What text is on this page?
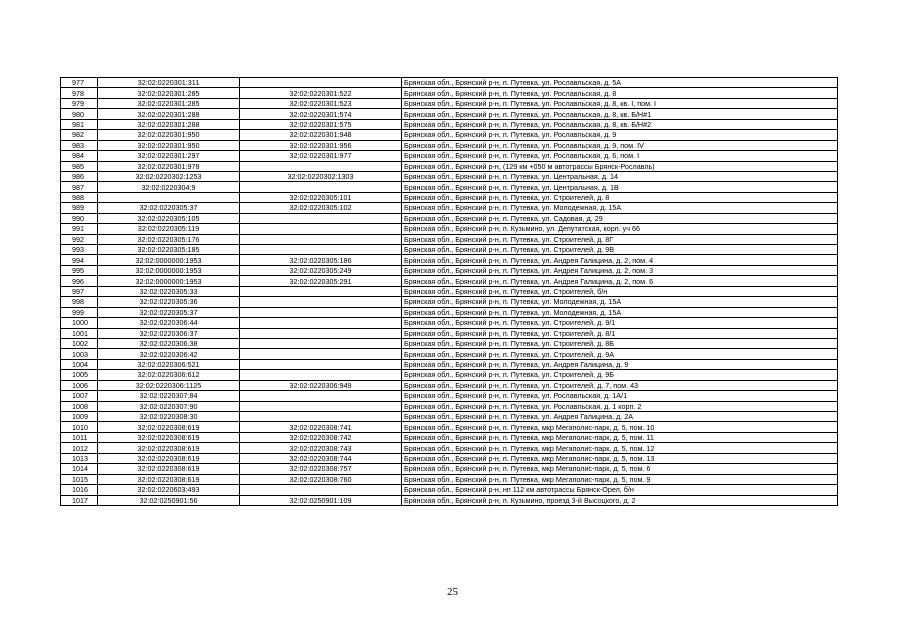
977	32:02:0220301:311		Брянская обл., Брянский р-н, п. Путевка, ул. Рославльская, д. 5А
978	32:02:0220301:285	32:02:0220301:522	Брянская обл., Брянский р-н, п. Путевка, ул. Рославльская, д. 8
979	32:02:0220301:285	32:02:0220301:523	Брянская обл., Брянский р-н, п. Путевка, ул. Рославльская, д. 8, кв. I, пом. I
980	32:02:0220301:288	32:02:0220301:574	Брянская обл., Брянский р-н, п. Путевка, ул. Рославльская, д. 8, кв. Б/Н#1
981	32:02:0220301:288	32:02:0220301:575	Брянская обл., Брянский р-н, п. Путевка, ул. Рославльская, д. 8, кв. Б/Н#2
982	32:02:0220301:950	32:02:0220301:948	Брянская обл., Брянский р-н, п. Путевка, ул. Рославльская, д. 9
983	32:02:0220301:950	32:02:0220301:956	Брянская обл., Брянский р-н, п. Путевка, ул. Рославльская, д. 9, пом. IV
984	32:02:0220301:297	32:02:0220301:977	Брянская обл., Брянский р-н, п. Путевка, ул. Рославльская, д. 6, пом. I
985	32:02:0220301:978		Брянская обл., Брянский р-н, (129 км +050 м автотрассы Брянск-Рославль)
986	32:02:0220302:1253	32:02:0220302:1303	Брянская обл., Брянский р-н, п. Путевка, ул. Центральная, д. 14
987	32:02:0220304:9		Брянская обл., Брянский р-н, п. Путевка, ул. Центральная, д. 1В
988		32:02:0220305:101	Брянская обл., Брянский р-н, п. Путевка, ул. Строителей, д. 8
989	32:02:0220305:37	32:02:0220305:102	Брянская обл., Брянский р-н, п. Путевка, ул. Молодежная, д. 15А
990	32:02:0220305:105		Брянская обл., Брянский р-н, п. Путевка, ул. Садовая, д. 29
991	32:02:0220305:119		Брянская обл., Брянский р-н, п. Кузьмино, ул. Депутатская, корп. уч 66
992	32:02:0220305:176		Брянская обл., Брянский р-н, п. Путевка, ул. Строителей, д. 8Г
993	32:02:0220305:185		Брянская обл., Брянский р-н, п. Путевка, ул. Строителей, д. 9В
994	32:02:0000000:1953	32:02:0220305:186	Брянская обл., Брянский р-н, п. Путевка, ул. Андрея Галицина, д. 2, пом. 4
995	32:02:0000000:1953	32:02:0220305:249	Брянская обл., Брянский р-н, п. Путевка, ул. Андрея Галицина, д. 2, пом. 3
996	32:02:0000000:1953	32:02:0220305:291	Брянская обл., Брянский р-н, п. Путевка, ул. Андрея Галицина, д. 2, пом. 6
997	32:02:0220305:33		Брянская обл., Брянский р-н, п. Путевка, ул. Строителей, б/н
998	32:02:0220305:36		Брянская обл., Брянский р-н, п. Путевка, ул. Молодежная, д. 15А
999	32:02:0220305:37		Брянская обл., Брянский р-н, п. Путевка, ул. Молодежная, д. 15А
1000	32:02:0220306:44		Брянская обл., Брянский р-н, п. Путевка, ул. Строителей, д. 9/1
1001	32:02:0220306:37		Брянская обл., Брянский р-н, п. Путевка, ул. Строителей, д. 8/1
1002	32:02:0220306:38		Брянская обл., Брянский р-н, п. Путевка, ул. Строителей, д. 8Б
1003	32:02:0220306:42		Брянская обл., Брянский р-н, п. Путевка, ул. Строителей, д. 9А
1004	32:02:0220306:521		Брянская обл., Брянский р-н, п. Путевка, ул. Андрея Галицина, д. 9
1005	32:02:0220306:612		Брянская обл., Брянский р-н, п. Путевка, ул. Строителей, д. 9Б
1006	32:02:0220306:1125	32:02:0220306:949	Брянская обл., Брянский р-н, п. Путевка, ул. Строителей, д. 7, пом. 43
1007	32:02:0220307:84		Брянская обл., Брянский р-н, п. Путевка, ул. Рославльская, д. 1А/1
1008	32:02:0220307:90		Брянская обл., Брянский р-н, п. Путевка, ул. Рославльская, д. 1 корп. 2
1009	32:02:0220308:30		Брянская обл., Брянский р-н, п. Путевка, ул. Андрея Галицина, д. 2А
1010	32:02:0220308:619	32:02:0220308:741	Брянская обл., Брянский р-н, п. Путевка, мкр Мегаполис-парк, д. 5, пом. 10
1011	32:02:0220308:619	32:02:0220308:742	Брянская обл., Брянский р-н, п. Путевка, мкр Мегаполис-парк, д. 5, пом. 11
1012	32:02:0220308:619	32:02:0220308:743	Брянская обл., Брянский р-н, п. Путевка, мкр Мегаполис-парк, д. 5, пом. 12
1013	32:02:0220308:619	32:02:0220308:744	Брянская обл., Брянский р-н, п. Путевка, мкр Мегаполис-парк, д. 5, пом. 13
1014	32:02:0220308:619	32:02:0220308:757	Брянская обл., Брянский р-н, п. Путевка, мкр Мегаполис-парк, д. 5, пом. 6
1015	32:02:0220308:619	32:02:0220308:760	Брянская обл., Брянский р-н, п. Путевка, мкр Мегаполис-парк, д. 5, пом. 9
1016	32:02:0220603:493		Брянская обл., Брянский р-н, нп 112 км автотрассы Брянск-Орел, б/н
1017	32:02:0250901:56	32:02:0250901:109	Брянская обл., Брянский р-н, п. Кузьмино, проезд 3-й Высоцкого, д. 2
25
